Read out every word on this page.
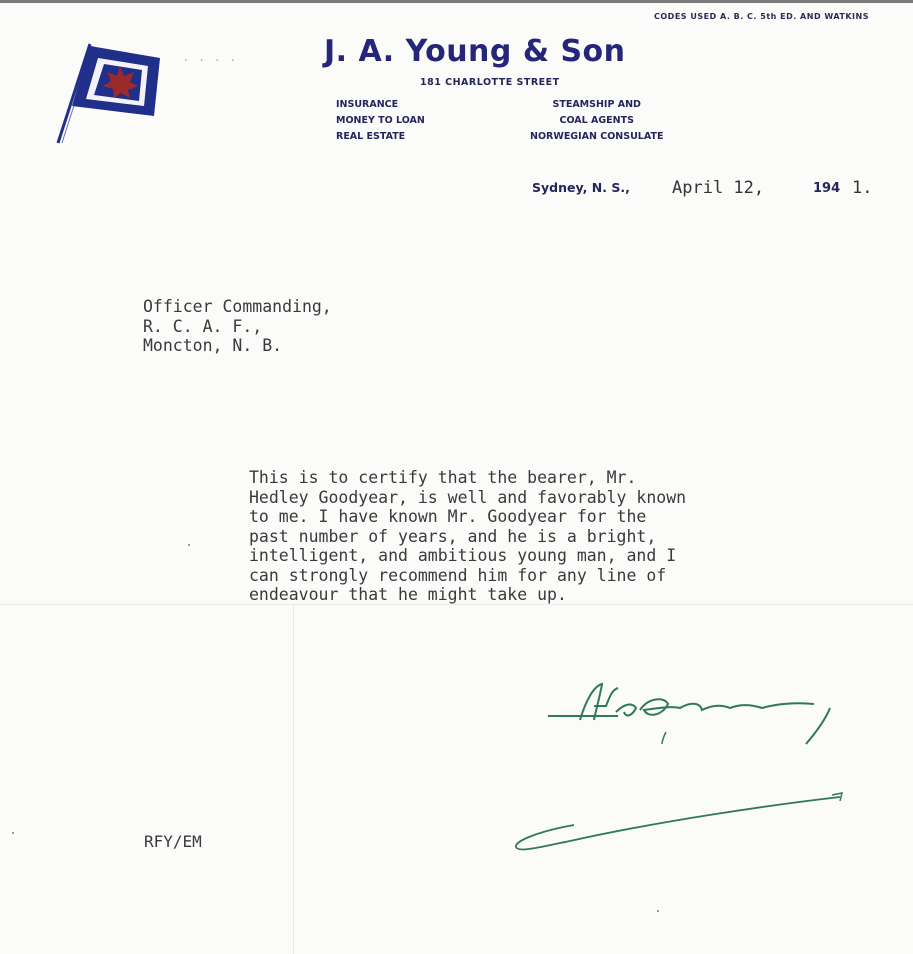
CODES USED A. B. C. 5th ED. AND WATKINS
. . . .	J. A. Young & Son
181 CHARLOTTE STREET
INSURANCE
MONEY TO LOAN
REAL ESTATE
STEAMSHIP AND
COAL AGENTS
NORWEGIAN CONSULATE
Sydney, N. S., April 12,	194 1.
Officer Commanding,
R. C. A. F.,
Moncton, N. B.
This is to certify that the bearer, Mr.
Hedley Goodyear, is well and favorably known
to me. I have known Mr. Goodyear for the
past number of years, and he is a bright,
intelligent, and ambitious young man, and I
can strongly recommend him for any line of
endeavour that he might take up.
RFY/EM
